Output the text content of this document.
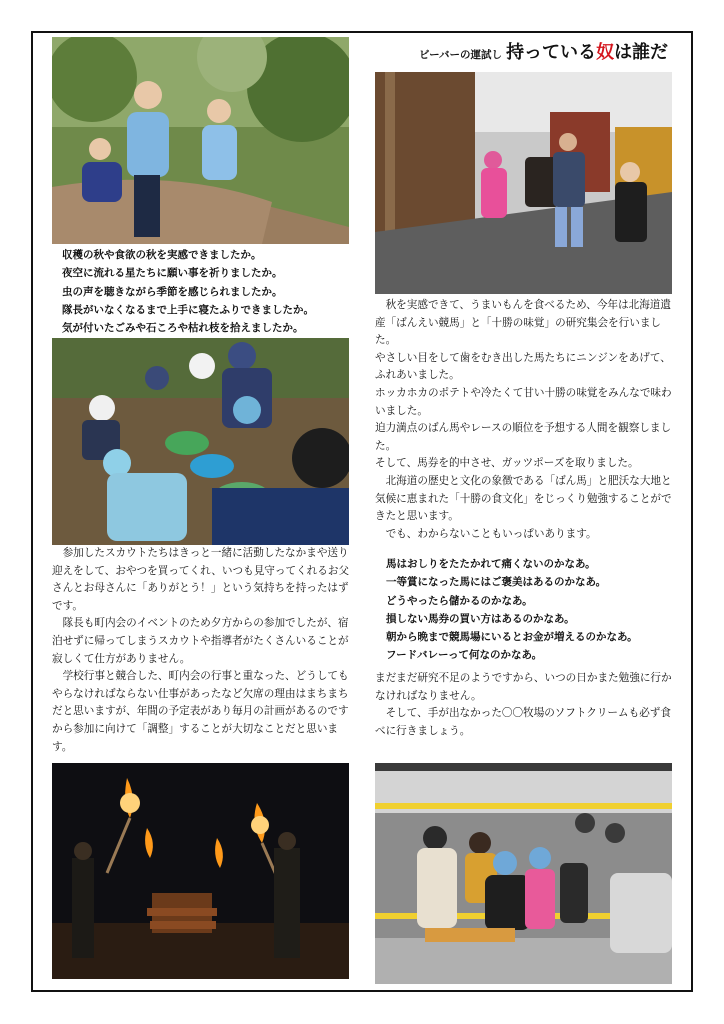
ビーバーの運試し 持っている奴は誰だ
収穫の秋や食欲の秋を実感できましたか。
夜空に流れる星たちに願い事を祈りましたか。
虫の声を聴きながら季節を感じられましたか。
隊長がいなくなるまで上手に寝たふりできましたか。
気が付いたごみや石ころや枯れ枝を拾えましたか。

参加したスカウトたちはきっと一緒に活動したなかまや送り迎えをして、おやつを買ってくれ、いつも見守ってくれるお父さんとお母さんに「ありがとう！」という気持ちを持ったはずです。

隊長も町内会のイベントのため夕方からの参加でしたが、宿泊せずに帰ってしまうスカウトや指導者がたくさんいることが寂しくて仕方がありません。

学校行事と競合した、町内会の行事と重なった、どうしてもやらなければならない仕事があったなど欠席の理由はまちまちだと思いますが、年間の予定表があり毎月の計画があるのですから参加に向けて「調整」することが大切なことだと思います。

秋を実感できて、うまいもんを食べるため、今年は北海道遺産「ばんえい競馬」と「十勝の味覚」の研究集会を行いました。

やさしい目をして歯をむき出した馬たちにニンジンをあげて、ふれあいました。

ホッカホカのポテトや冷たくて甘い十勝の味覚をみんなで味わいました。

迫力満点のばん馬やレースの順位を予想する人間を観察しました。

そして、馬券を的中させ、ガッツポーズを取りました。

北海道の歴史と文化の象徴である「ばん馬」と肥沃な大地と気候に恵まれた「十勝の食文化」をじっくり勉強することができたと思います。

でも、わからないこともいっぱいあります。

馬はおしりをたたかれて痛くないのかなあ。
一等賞になった馬にはご褒美はあるのかなあ。
どうやったら儲かるのかなあ。
損しない馬券の買い方はあるのかなあ。
朝から晩まで競馬場にいるとお金が増えるのかなあ。
フードバレーって何なのかなあ。

まだまだ研究不足のようですから、いつの日かまた勉強に行かなければなりません。

そして、手が出なかった〇〇牧場のソフトクリームも必ず食べに行きましょう。
